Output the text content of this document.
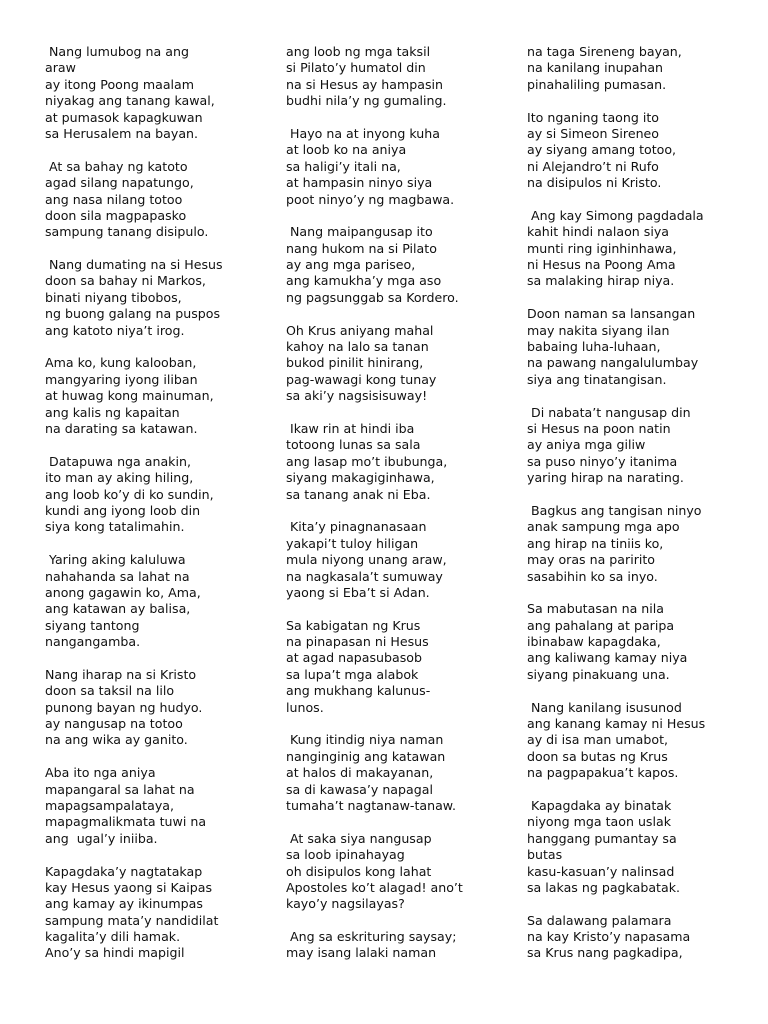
Nang lumubog na ang
araw
ay itong Poong maalam
niyakag ang tanang kawal,
at pumasok kapagkuwan
sa Herusalem na bayan.
At sa bahay ng katoto
agad silang napatungo,
ang nasa nilang totoo
doon sila magpapasko
sampung tanang disipulo.
Nang dumating na si Hesus
doon sa bahay ni Markos,
binati niyang tibobos,
ng buong galang na puspos
ang katoto niya’t irog.
Ama ko, kung kalooban,
mangyaring iyong iliban
at huwag kong mainuman,
ang kalis ng kapaitan
na darating sa katawan.
Datapuwa nga anakin,
ito man ay aking hiling,
ang loob ko’y di ko sundin,
kundi ang iyong loob din
siya kong tatalimahin.
Yaring aking kaluluwa
nahahanda sa lahat na
anong gagawin ko, Ama,
ang katawan ay balisa,
siyang tantong
nangangamba.
Nang iharap na si Kristo
doon sa taksil na lilo
punong bayan ng hudyo.
ay nangusap na totoo
na ang wika ay ganito.
Aba ito nga aniya
mapangaral sa lahat na
mapagsampalataya,
mapagmalikmata tuwi na
ang  ugal’y iniiba.
Kapagdaka’y nagtatakap
kay Hesus yaong si Kaipas
ang kamay ay ikinumpas
sampung mata’y nandidilat
kagalita’y dili hamak.
Ano’y sa hindi mapigil
ang loob ng mga taksil
si Pilato’y humatol din
na si Hesus ay hampasin
budhi nila’y ng gumaling.
Hayo na at inyong kuha
at loob ko na aniya
sa haligi’y itali na,
at hampasin ninyo siya
poot ninyo’y ng magbawa.
Nang maipangusap ito
nang hukom na si Pilato
ay ang mga pariseo,
ang kamukha’y mga aso
ng pagsunggab sa Kordero.
Oh Krus aniyang mahal
kahoy na lalo sa tanan
bukod pinilit hinirang,
pag-wawagi kong tunay
sa aki’y nagsisisuway!
Ikaw rin at hindi iba
totoong lunas sa sala
ang lasap mo’t ibubunga,
siyang makagiginhawa,
sa tanang anak ni Eba.
Kita’y pinagnanasaan
yakapi’t tuloy hiligan
mula niyong unang araw,
na nagkasala’t sumuway
yaong si Eba’t si Adan.
Sa kabigatan ng Krus
na pinapasan ni Hesus
at agad napasubasob
sa lupa’t mga alabok
ang mukhang kalunus-
lunos.
Kung itindig niya naman
nanginginig ang katawan
at halos di makayanan,
sa di kawasa’y napagal
tumaha’t nagtanaw-tanaw.
At saka siya nangusap
sa loob ipinahayag
oh disipulos kong lahat
Apostoles ko’t alagad! ano’t
kayo’y nagsilayas?
Ang sa eskrituring saysay;
may isang lalaki naman
na taga Sireneng bayan,
na kanilang inupahan
pinahaliling pumasan.
Ito nganing taong ito
ay si Simeon Sireneo
ay siyang amang totoo,
ni Alejandro’t ni Rufo
na disipulos ni Kristo.
Ang kay Simong pagdadala
kahit hindi nalaon siya
munti ring iginhinhawa,
ni Hesus na Poong Ama
sa malaking hirap niya.
Doon naman sa lansangan
may nakita siyang ilan
babaing luha-luhaan,
na pawang nangalulumbay
siya ang tinatangisan.
Di nabata’t nangusap din
si Hesus na poon natin
ay aniya mga giliw
sa puso ninyo’y itanima
yaring hirap na narating.
Bagkus ang tangisan ninyo
anak sampung mga apo
ang hirap na tiniis ko,
may oras na paririto
sasabihin ko sa inyo.
Sa mabutasan na nila
ang pahalang at paripa
ibinabaw kapagdaka,
ang kaliwang kamay niya
siyang pinakuang una.
Nang kanilang isusunod
ang kanang kamay ni Hesus
ay di isa man umabot,
doon sa butas ng Krus
na pagpapakua’t kapos.
Kapagdaka ay binatak
niyong mga taon uslak
hanggang pumantay sa
butas
kasu-kasuan’y nalinsad
sa lakas ng pagkabatak.
Sa dalawang palamara
na kay Kristo’y napasama
sa Krus nang pagkadipa,
